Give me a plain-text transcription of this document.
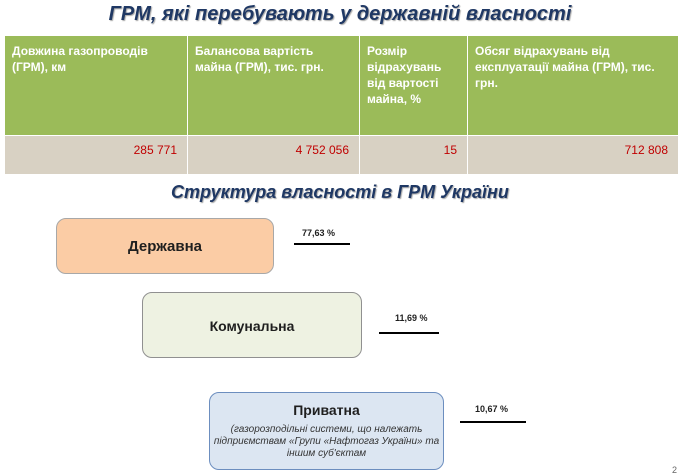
ГРМ, які перебувають у державній власності
Довжина газопроводів (ГРМ), км	Балансова вартість майна (ГРМ), тис. грн.	Розмір відрахувань від вартості майна, %	Обсяг відрахувань від експлуатації майна (ГРМ), тис. грн.
285 771	4 752 056	15	712 808
Структура власності в ГРМ України
Державна
77,63 %
Комунальна	11,69 %
Приватна
(газорозподільні системи, що належать підприємствам «Групи «Нафтогаз України» та іншим суб'єктам
10,67 %
2
